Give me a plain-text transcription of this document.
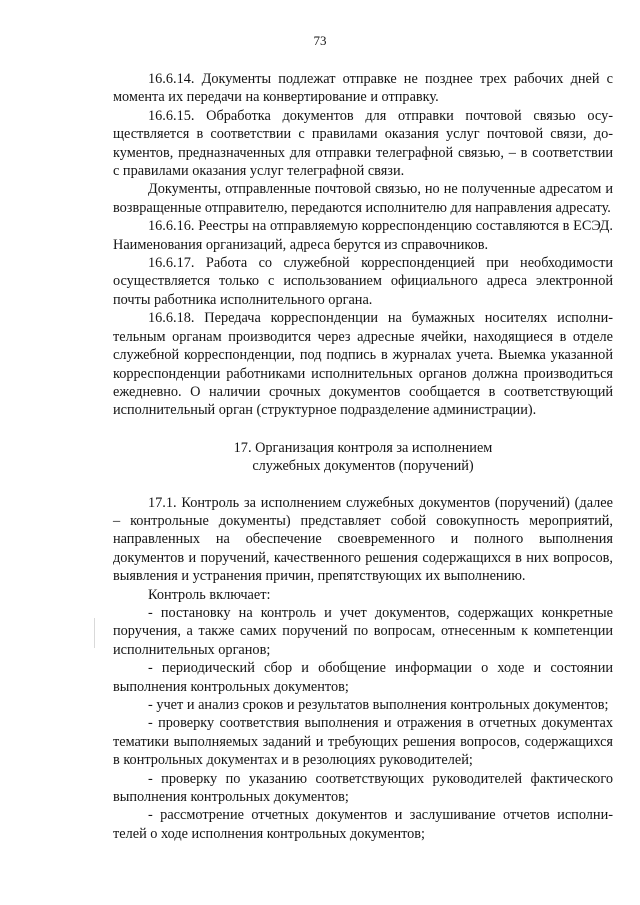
73

16.6.14. Документы подлежат отправке не позднее трех рабочих дней с момента их передачи на конвертирование и отправку.

16.6.15. Обработка документов для отправки почтовой связью осуществляется в соответствии с правилами оказания услуг почтовой связи, документов, предназначенных для отправки телеграфной связью, – в соответствии с правилами оказания услуг телеграфной связи.

Документы, отправленные почтовой связью, но не полученные адресатом и возвращенные отправителю, передаются исполнителю для направления адресату.

16.6.16. Реестры на отправляемую корреспонденцию составляются в ЕСЭД. Наименования организаций, адреса берутся из справочников.

16.6.17. Работа со служебной корреспонденцией при необходимости осуществляется только с использованием официального адреса электронной почты работника исполнительного органа.

16.6.18. Передача корреспонденции на бумажных носителях исполнительным органам производится через адресные ячейки, находящиеся в отделе служебной корреспонденции, под подпись в журналах учета. Выемка указанной корреспонденции работниками исполнительных органов должна производиться ежедневно. О наличии срочных документов сообщается в соответствующий исполнительный орган (структурное подразделение администрации).

17. Организация контроля за исполнением
служебных документов (поручений)

17.1. Контроль за исполнением служебных документов (поручений) (далее – контрольные документы) представляет собой совокупность мероприятий, направленных на обеспечение своевременного и полного выполнения документов и поручений, качественного решения содержащихся в них вопросов, выявления и устранения причин, препятствующих их выполнению.

Контроль включает:

- постановку на контроль и учет документов, содержащих конкретные поручения, а также самих поручений по вопросам, отнесенным к компетенции исполнительных органов;

- периодический сбор и обобщение информации о ходе и состоянии выполнения контрольных документов;

- учет и анализ сроков и результатов выполнения контрольных документов;

- проверку соответствия выполнения и отражения в отчетных документах тематики выполняемых заданий и требующих решения вопросов, содержащихся в контрольных документах и в резолюциях руководителей;

- проверку по указанию соответствующих руководителей фактического выполнения контрольных документов;

- рассмотрение отчетных документов и заслушивание отчетов исполнителей о ходе исполнения контрольных документов;
